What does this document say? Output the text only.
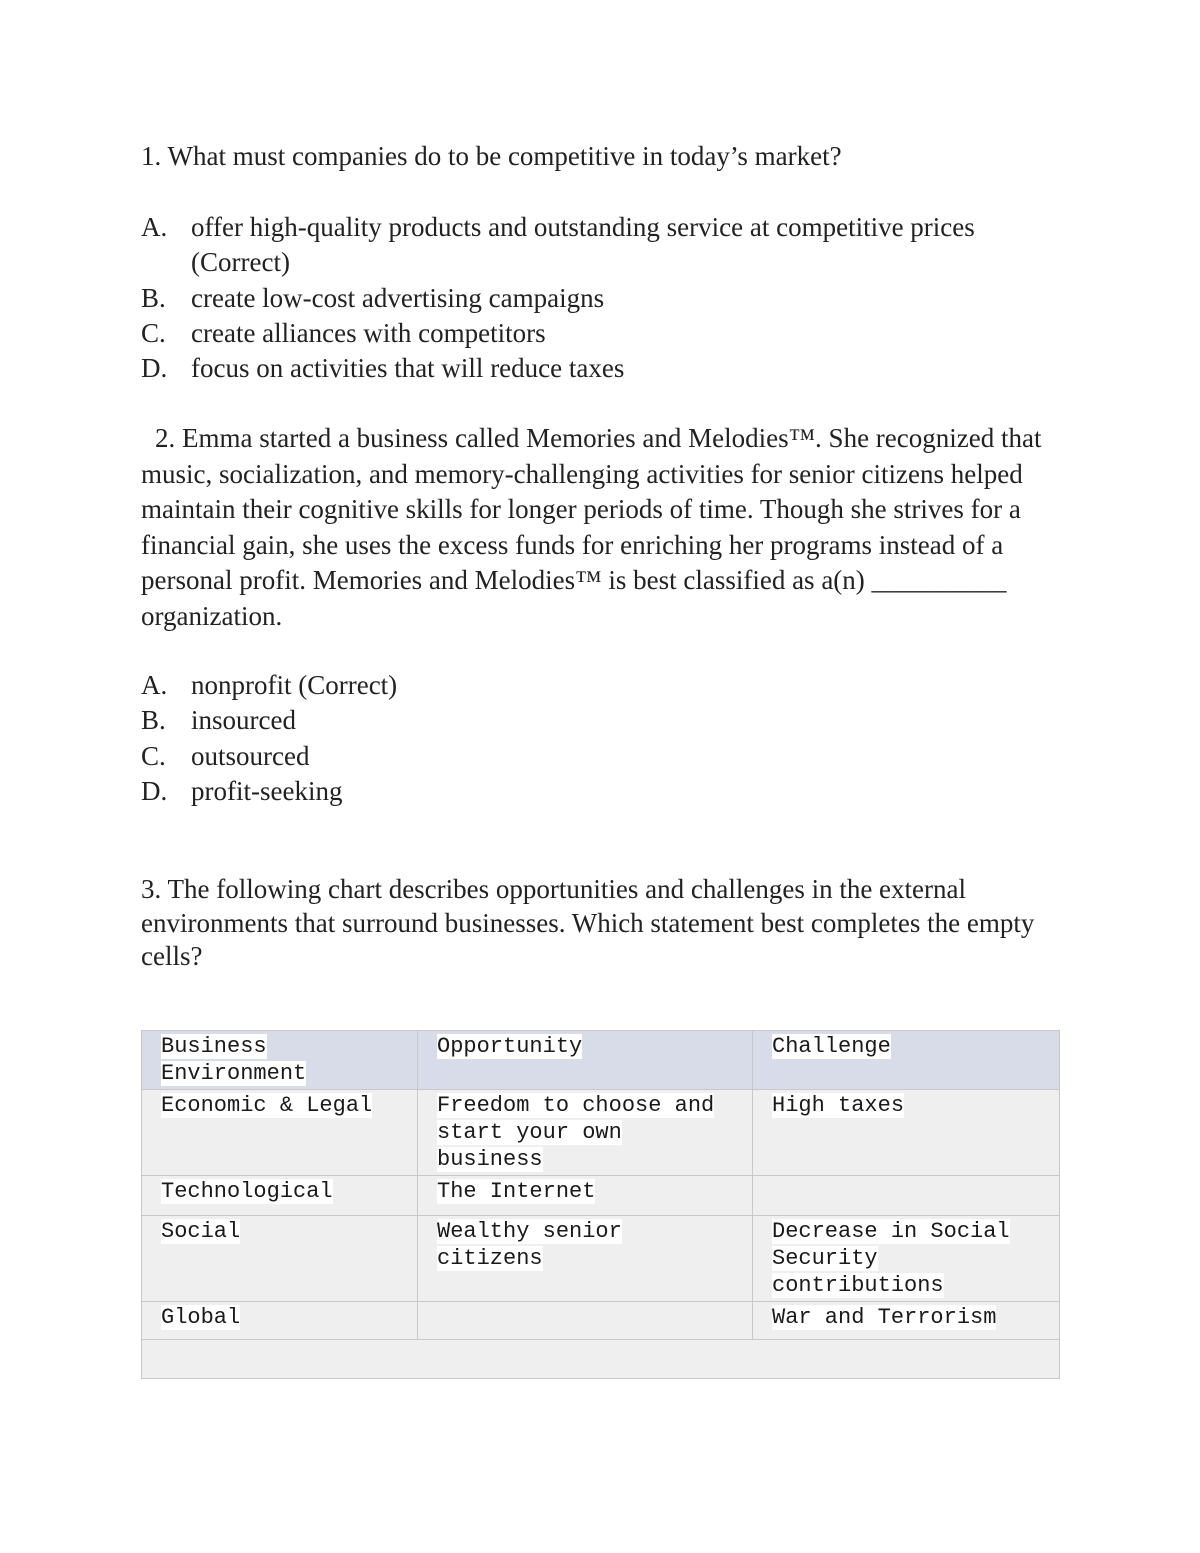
1. What must companies do to be competitive in today’s market?

A. offer high-quality products and outstanding service at competitive prices (Correct)
B. create low-cost advertising campaigns
C. create alliances with competitors
D. focus on activities that will reduce taxes

2. Emma started a business called Memories and Melodies™. She recognized that music, socialization, and memory-challenging activities for senior citizens helped maintain their cognitive skills for longer periods of time. Though she strives for a financial gain, she uses the excess funds for enriching her programs instead of a personal profit. Memories and Melodies™ is best classified as a(n) __________ organization.

A. nonprofit (Correct)
B. insourced
C. outsourced
D. profit-seeking

3. The following chart describes opportunities and challenges in the external environments that surround businesses. Which statement best completes the empty cells?

Business Environment	Opportunity	Challenge
Economic & Legal	Freedom to choose and start your own business	High taxes
Technological	The Internet	
Social	Wealthy senior citizens	Decrease in Social Security contributions
Global		War and Terrorism
